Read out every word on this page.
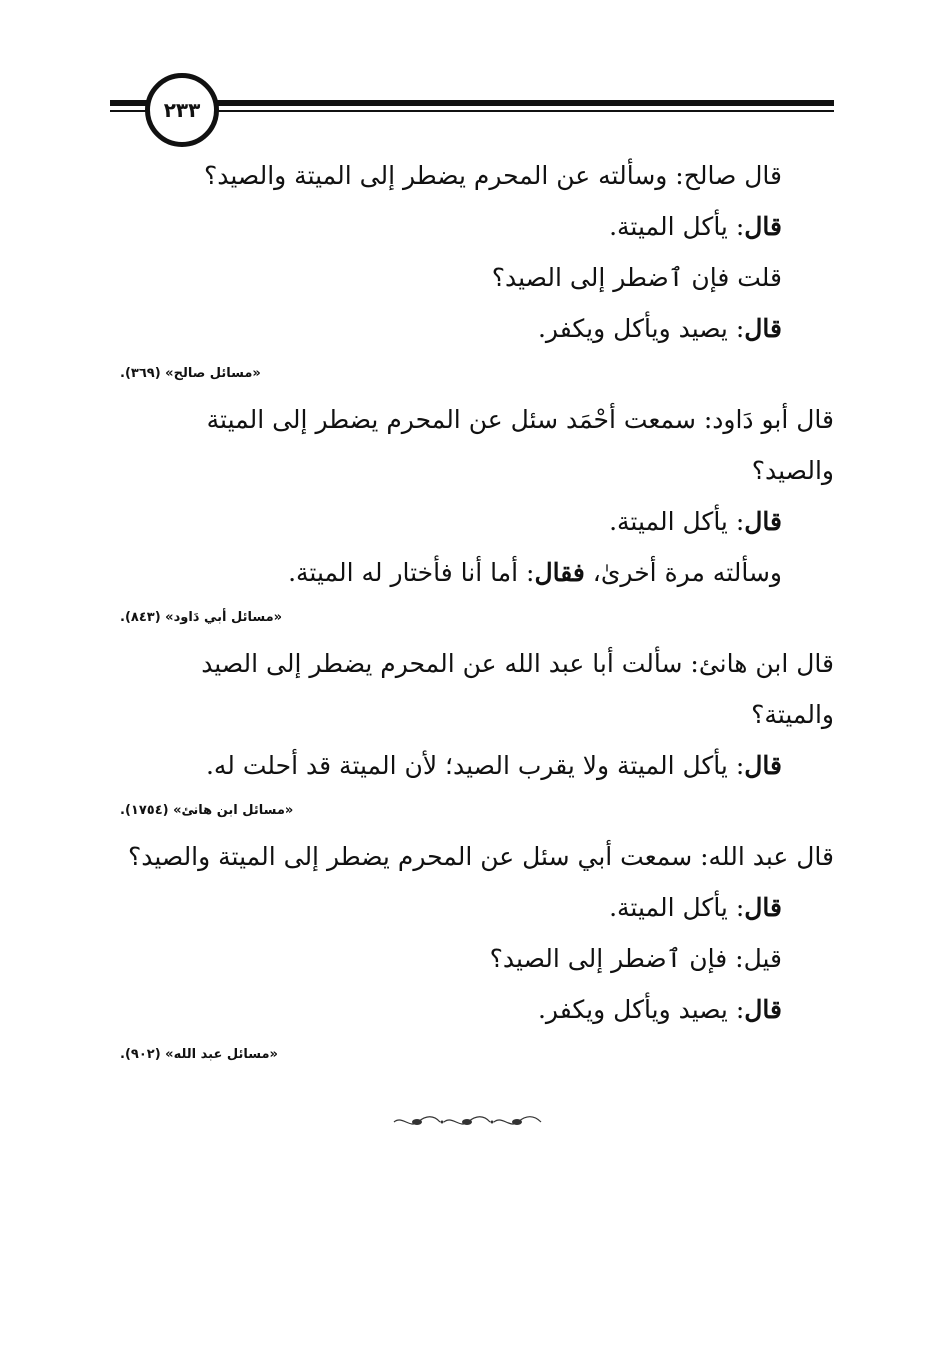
٢٣٣
قال صالح: وسألته عن المحرم يضطر إلى الميتة والصيد؟
قال: يأكل الميتة.
قلت فإن ٱضطر إلى الصيد؟
قال: يصيد ويأكل ويكفر.
«مسائل صالح» (٣٦٩).
قال أبو دَاود: سمعت أحْمَد سئل عن المحرم يضطر إلى الميتة
والصيد؟
قال: يأكل الميتة.
وسألته مرة أخرىٰ، فقال: أما أنا فأختار له الميتة.
«مسائل أبي دَاود» (٨٤٣).
قال ابن هانئ: سألت أبا عبد الله عن المحرم يضطر إلى الصيد
والميتة؟
قال: يأكل الميتة ولا يقرب الصيد؛ لأن الميتة قد أحلت له.
«مسائل ابن هانئ» (١٧٥٤).
قال عبد الله: سمعت أبي سئل عن المحرم يضطر إلى الميتة والصيد؟
قال: يأكل الميتة.
قيل: فإن ٱضطر إلى الصيد؟
قال: يصيد ويأكل ويكفر.
«مسائل عبد الله» (٩٠٢).
